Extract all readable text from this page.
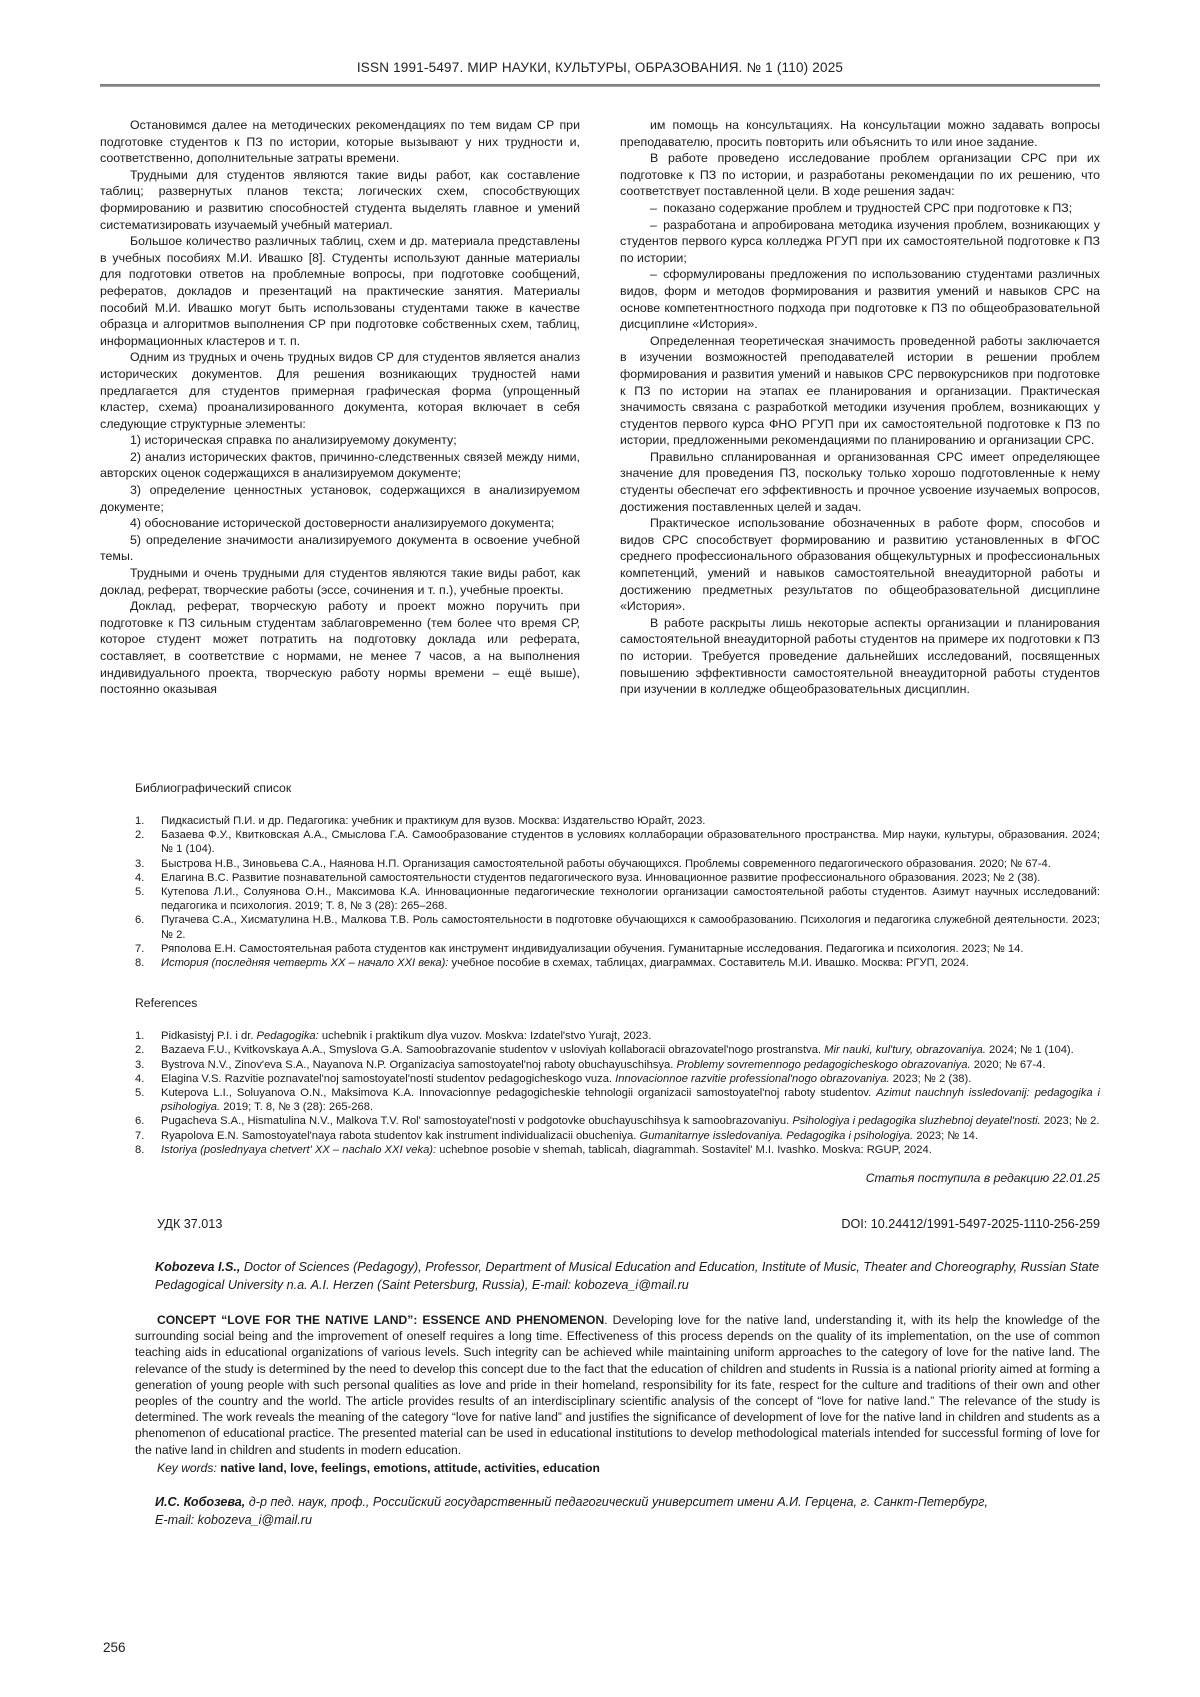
ISSN 1991-5497. МИР НАУКИ, КУЛЬТУРЫ, ОБРАЗОВАНИЯ. № 1 (110) 2025

Остановимся далее на методических рекомендациях по тем видам СР при подготовке студентов к ПЗ по истории, которые вызывают у них трудности и, соответственно, дополнительные затраты времени.

Трудными для студентов являются такие виды работ, как составление таблиц; развернутых планов текста; логических схем, способствующих формированию и развитию способностей студента выделять главное и умений систематизировать изучаемый учебный материал.

Большое количество различных таблиц, схем и др. материала представлены в учебных пособиях М.И. Ивашко [8]. Студенты используют данные материалы для подготовки ответов на проблемные вопросы, при подготовке сообщений, рефератов, докладов и презентаций на практические занятия. Материалы пособий М.И. Ивашко могут быть использованы студентами также в качестве образца и алгоритмов выполнения СР при подготовке собственных схем, таблиц, информационных кластеров и т. п.

Одним из трудных и очень трудных видов СР для студентов является анализ исторических документов. Для решения возникающих трудностей нами предлагается для студентов примерная графическая форма (упрощенный кластер, схема) проанализированного документа, которая включает в себя следующие структурные элементы:

1) историческая справка по анализируемому документу;

2) анализ исторических фактов, причинно-следственных связей между ними, авторских оценок содержащихся в анализируемом документе;

3) определение ценностных установок, содержащихся в анализируемом документе;

4) обоснование исторической достоверности анализируемого документа;

5) определение значимости анализируемого документа в освоение учебной темы.

Трудными и очень трудными для студентов являются такие виды работ, как доклад, реферат, творческие работы (эссе, сочинения и т. п.), учебные проекты.

Доклад, реферат, творческую работу и проект можно поручить при подготовке к ПЗ сильным студентам заблаговременно (тем более что время СР, которое студент может потратить на подготовку доклада или реферата, составляет, в соответствие с нормами, не менее 7 часов, а на выполнения индивидуального проекта, творческую работу нормы времени – ещё выше), постоянно оказывая

им помощь на консультациях. На консультации можно задавать вопросы преподавателю, просить повторить или объяснить то или иное задание.

В работе проведено исследование проблем организации СРС при их подготовке к ПЗ по истории, и разработаны рекомендации по их решению, что соответствует поставленной цели. В ходе решения задач:

– показано содержание проблем и трудностей СРС при подготовке к ПЗ;

– разработана и апробирована методика изучения проблем, возникающих у студентов первого курса колледжа РГУП при их самостоятельной подготовке к ПЗ по истории;

– сформулированы предложения по использованию студентами различных видов, форм и методов формирования и развития умений и навыков СРС на основе компетентностного подхода при подготовке к ПЗ по общеобразовательной дисциплине «История».

Определенная теоретическая значимость проведенной работы заключается в изучении возможностей преподавателей истории в решении проблем формирования и развития умений и навыков СРС первокурсников при подготовке к ПЗ по истории на этапах ее планирования и организации. Практическая значимость связана с разработкой методики изучения проблем, возникающих у студентов первого курса ФНО РГУП при их самостоятельной подготовке к ПЗ по истории, предложенными рекомендациями по планированию и организации СРС.

Правильно спланированная и организованная СРС имеет определяющее значение для проведения ПЗ, поскольку только хорошо подготовленные к нему студенты обеспечат его эффективность и прочное усвоение изучаемых вопросов, достижения поставленных целей и задач.

Практическое использование обозначенных в работе форм, способов и видов СРС способствует формированию и развитию установленных в ФГОС среднего профессионального образования общекультурных и профессиональных компетенций, умений и навыков самостоятельной внеаудиторной работы и достижению предметных результатов по общеобразовательной дисциплине «История».

В работе раскрыты лишь некоторые аспекты организации и планирования самостоятельной внеаудиторной работы студентов на примере их подготовки к ПЗ по истории. Требуется проведение дальнейших исследований, посвященных повышению эффективности самостоятельной внеаудиторной работы студентов при изучении в колледже общеобразовательных дисциплин.

Библиографический список
1.	Пидкасистый П.И. и др. Педагогика: учебник и практикум для вузов. Москва: Издательство Юрайт, 2023.
2.	Базаева Ф.У., Квитковская А.А., Смыслова Г.А. Самообразование студентов в условиях коллаборации образовательного пространства. Мир науки, культуры, образования. 2024; № 1 (104).
3.	Быстрова Н.В., Зиновьева С.А., Наянова Н.П. Организация самостоятельной работы обучающихся. Проблемы современного педагогического образования. 2020; № 67-4.
4.	Елагина В.С. Развитие познавательной самостоятельности студентов педагогического вуза. Инновационное развитие профессионального образования. 2023; № 2 (38).
5.	Кутепова Л.И., Солуянова О.Н., Максимова К.А. Инновационные педагогические технологии организации самостоятельной работы студентов. Азимут научных исследований: педагогика и психология. 2019; Т. 8, № 3 (28): 265–268.
6.	Пугачева С.А., Хисматулина Н.В., Малкова Т.В. Роль самостоятельности в подготовке обучающихся к самообразованию. Психология и педагогика служебной деятельности. 2023; № 2.
7.	Ряполова Е.Н. Самостоятельная работа студентов как инструмент индивидуализации обучения. Гуманитарные исследования. Педагогика и психология. 2023; № 14.
8.	История (последняя четверть XX – начало XXI века): учебное пособие в схемах, таблицах, диаграммах. Составитель М.И. Ивашко. Москва: РГУП, 2024.
References
1.	Pidkasistyj P.I. i dr. Pedagogika: uchebnik i praktikum dlya vuzov. Moskva: Izdatel'stvo Yurajt, 2023.
2.	Bazaeva F.U., Kvitkovskaya A.A., Smyslova G.A. Samoobrazovanie studentov v usloviyah kollaboracii obrazovatel'nogo prostranstva. Mir nauki, kul'tury, obrazovaniya. 2024; № 1 (104).
3.	Bystrova N.V., Zinov'eva S.A., Nayanova N.P. Organizaciya samostoyatel'noj raboty obuchayuschihsya. Problemy sovremennogo pedagogicheskogo obrazovaniya. 2020; № 67-4.
4.	Elagina V.S. Razvitie poznavatel'noj samostoyatel'nosti studentov pedagogicheskogo vuza. Innovacionnoe razvitie professional'nogo obrazovaniya. 2023; № 2 (38).
5.	Kutepova L.I., Soluyanova O.N., Maksimova K.A. Innovacionnye pedagogicheskie tehnologii organizacii samostoyatel'noj raboty studentov. Azimut nauchnyh issledovanij: pedagogika i psihologiya. 2019; T. 8, № 3 (28): 265-268.
6.	Pugacheva S.A., Hismatulina N.V., Malkova T.V. Rol' samostoyatel'nosti v podgotovke obuchayuschihsya k samoobrazovaniyu. Psihologiya i pedagogika sluzhebnoj deyatel'nosti. 2023; № 2.
7.	Ryapolova E.N. Samostoyatel'naya rabota studentov kak instrument individualizacii obucheniya. Gumanitarnye issledovaniya. Pedagogika i psihologiya. 2023; № 14.
8.	Istoriya (poslednyaya chetvert' XX – nachalo XXI veka): uchebnoe posobie v shemah, tablicah, diagrammah. Sostavitel' M.I. Ivashko. Moskva: RGUP, 2024.
Статья поступила в редакцию 22.01.25
УДК 37.013	DOI: 10.24412/1991-5497-2025-1110-256-259

Kobozeva I.S., Doctor of Sciences (Pedagogy), Professor, Department of Musical Education and Education, Institute of Music, Theater and Choreography, Russian State Pedagogical University n.a. A.I. Herzen (Saint Petersburg, Russia), E-mail: kobozeva_i@mail.ru

CONCEPT “LOVE FOR THE NATIVE LAND”: ESSENCE AND PHENOMENON. Developing love for the native land, understanding it, with its help the knowledge of the surrounding social being and the improvement of oneself requires a long time. Effectiveness of this process depends on the quality of its implementation, on the use of common teaching aids in educational organizations of various levels. Such integrity can be achieved while maintaining uniform approaches to the category of love for the native land. The relevance of the study is determined by the need to develop this concept due to the fact that the education of children and students in Russia is a national priority aimed at forming a generation of young people with such personal qualities as love and pride in their homeland, responsibility for its fate, respect for the culture and traditions of their own and other peoples of the country and the world. The article provides results of an interdisciplinary scientific analysis of the concept of “love for native land.” The relevance of the study is determined. The work reveals the meaning of the category “love for native land” and justifies the significance of development of love for the native land in children and students as a phenomenon of educational practice. The presented material can be used in educational institutions to develop methodological materials intended for successful forming of love for the native land in children and students in modern education.

Key words: native land, love, feelings, emotions, attitude, activities, education

И.С. Кобозева, д-р пед. наук, проф., Российский государственный педагогический университет имени А.И. Герцена, г. Санкт-Петербург,
E-mail: kobozeva_i@mail.ru

256
